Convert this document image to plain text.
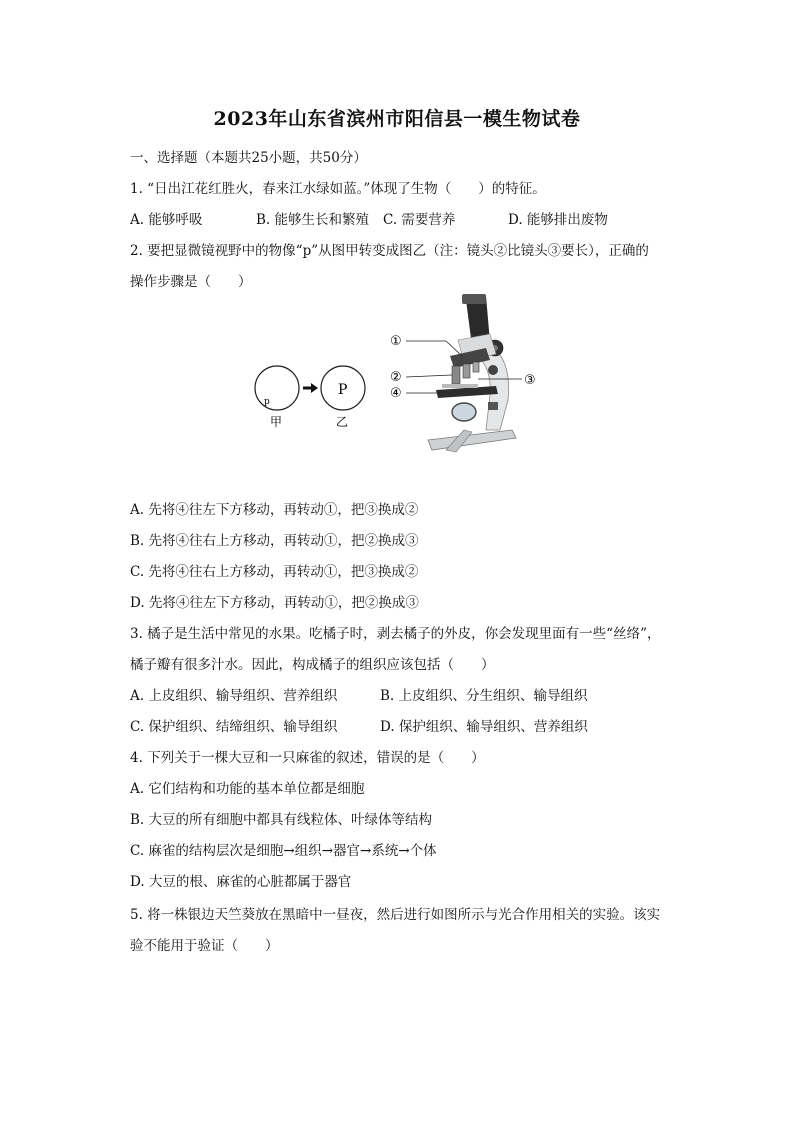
2023年山东省滨州市阳信县一模生物试卷
一、选择题（本题共25小题，共50分）
1. “日出江花红胜火，春来江水绿如蓝。”体现了生物（　　）的特征。
A. 能够呼吸	B. 能够生长和繁殖 C. 需要营养	D. 能够排出废物
2. 要把显微镜视野中的物像“p”从图甲转变成图乙（注：镜头②比镜头③要长），正确的
操作步骤是（　　）
p
甲
P
乙
①
②	③
④
A. 先将④往左下方移动，再转动①，把③换成②
B. 先将④往右上方移动，再转动①，把②换成③
C. 先将④往右上方移动，再转动①，把③换成②
D. 先将④往左下方移动，再转动①，把②换成③
3. 橘子是生活中常见的水果。吃橘子时，剥去橘子的外皮，你会发现里面有一些“丝络”，
橘子瓣有很多汁水。因此，构成橘子的组织应该包括（　　）
A. 上皮组织、输导组织、营养组织	B. 上皮组织、分生组织、输导组织
C. 保护组织、结缔组织、输导组织	D. 保护组织、输导组织、营养组织
4. 下列关于一棵大豆和一只麻雀的叙述，错误的是（　　）
A. 它们结构和功能的基本单位都是细胞
B. 大豆的所有细胞中都具有线粒体、叶绿体等结构
C. 麻雀的结构层次是细胞→组织→器官→系统→个体
D. 大豆的根、麻雀的心脏都属于器官
5. 将一株银边天竺葵放在黑暗中一昼夜，然后进行如图所示与光合作用相关的实验。该实
验不能用于验证（　　）
